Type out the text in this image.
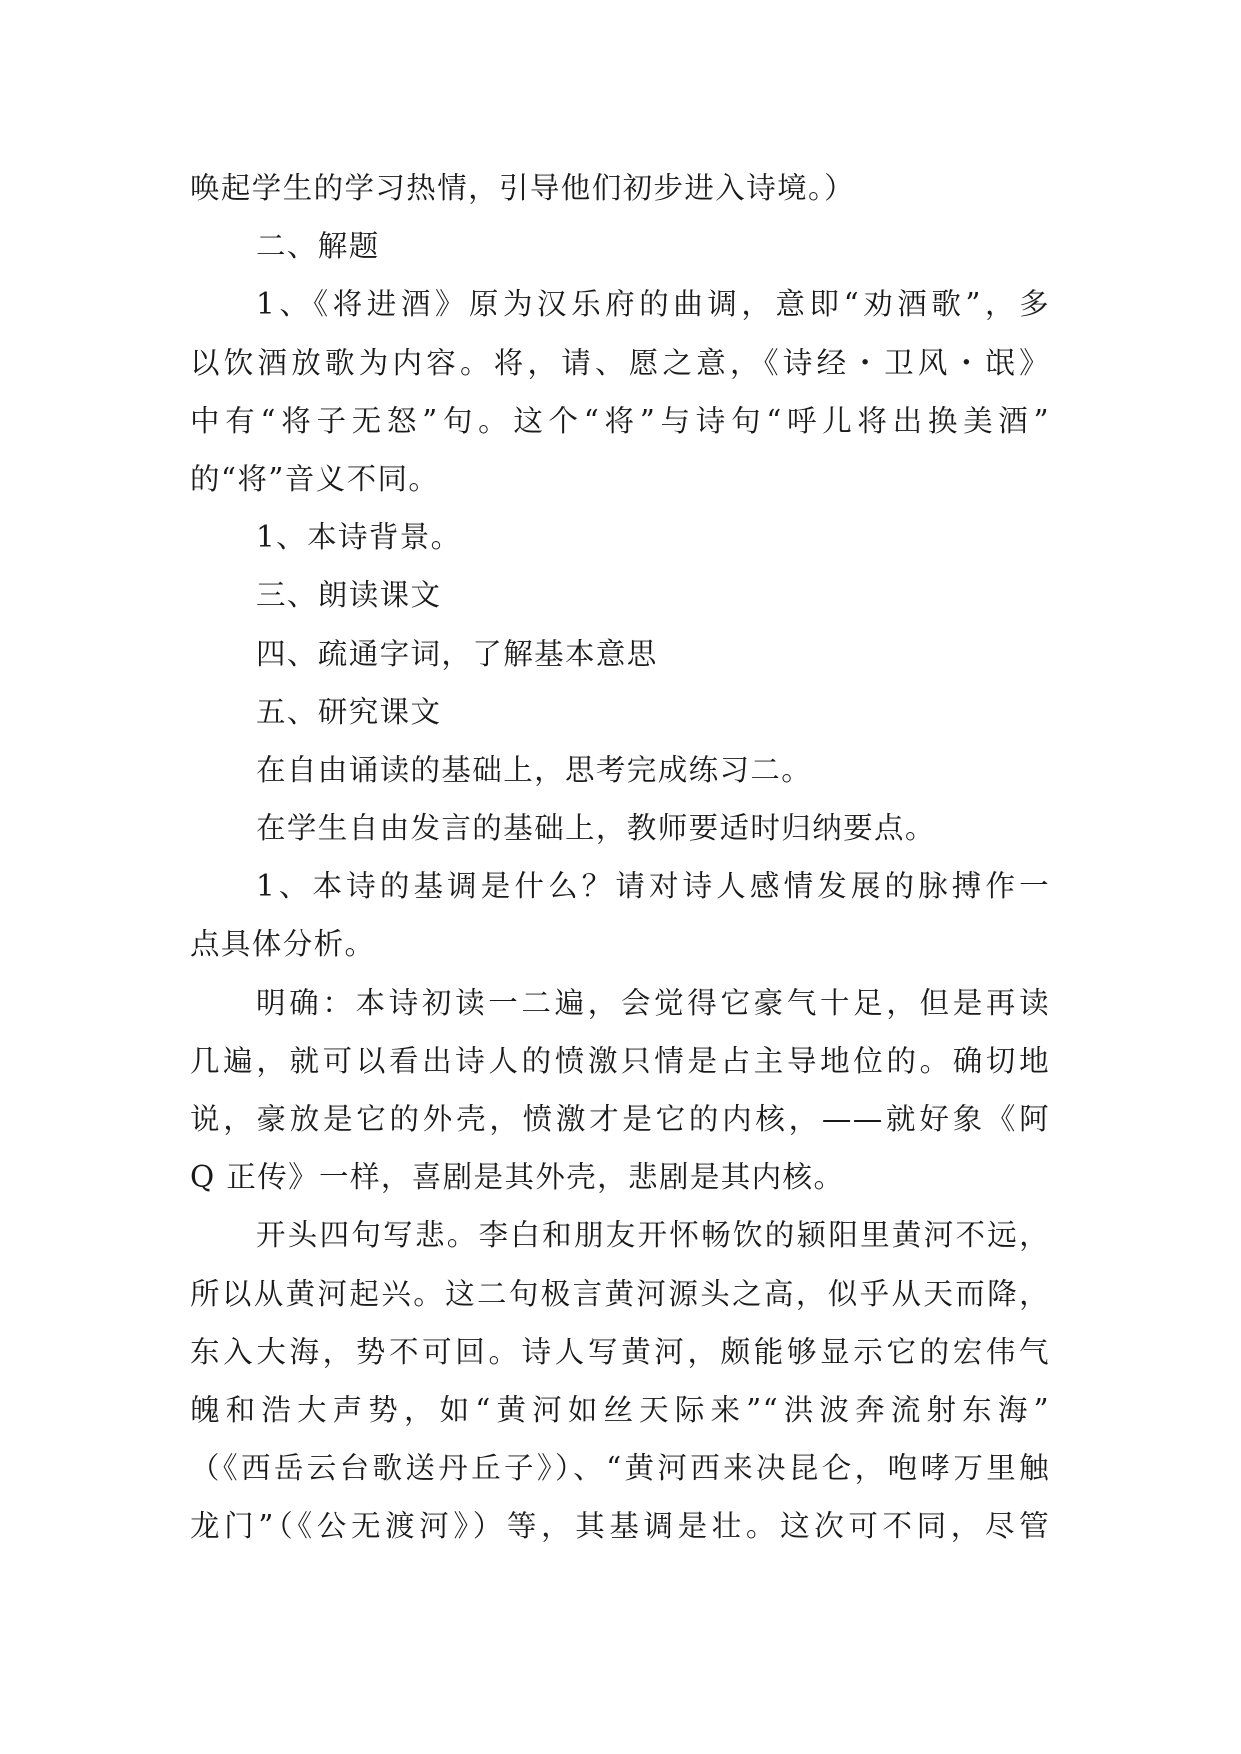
唤起学生的学习热情，引导他们初步进入诗境。）
二、解题
1、《将进酒》原为汉乐府的曲调，意即“劝酒歌”，多
以饮酒放歌为内容。将，请、愿之意，《诗经・卫风・氓》
中有“将子无怒”句。这个“将”与诗句“呼儿将出换美酒”
的“将”音义不同。
1、本诗背景。
三、朗读课文
四、疏通字词，了解基本意思
五、研究课文
在自由诵读的基础上，思考完成练习二。
在学生自由发言的基础上，教师要适时归纳要点。
1、本诗的基调是什么？请对诗人感情发展的脉搏作一
点具体分析。
明确：本诗初读一二遍，会觉得它豪气十足，但是再读
几遍，就可以看出诗人的愤激只情是占主导地位的。确切地
说，豪放是它的外壳，愤激才是它的内核，——就好象《阿
Q 正传》一样，喜剧是其外壳，悲剧是其内核。
开头四句写悲。李白和朋友开怀畅饮的颍阳里黄河不远，
所以从黄河起兴。这二句极言黄河源头之高，似乎从天而降，
东入大海，势不可回。诗人写黄河，颇能够显示它的宏伟气
魄和浩大声势，如“黄河如丝天际来”“洪波奔流射东海”
（《西岳云台歌送丹丘子》）、“黄河西来决昆仑，咆哮万里触
龙门”（《公无渡河》）等，其基调是壮。这次可不同，尽管
